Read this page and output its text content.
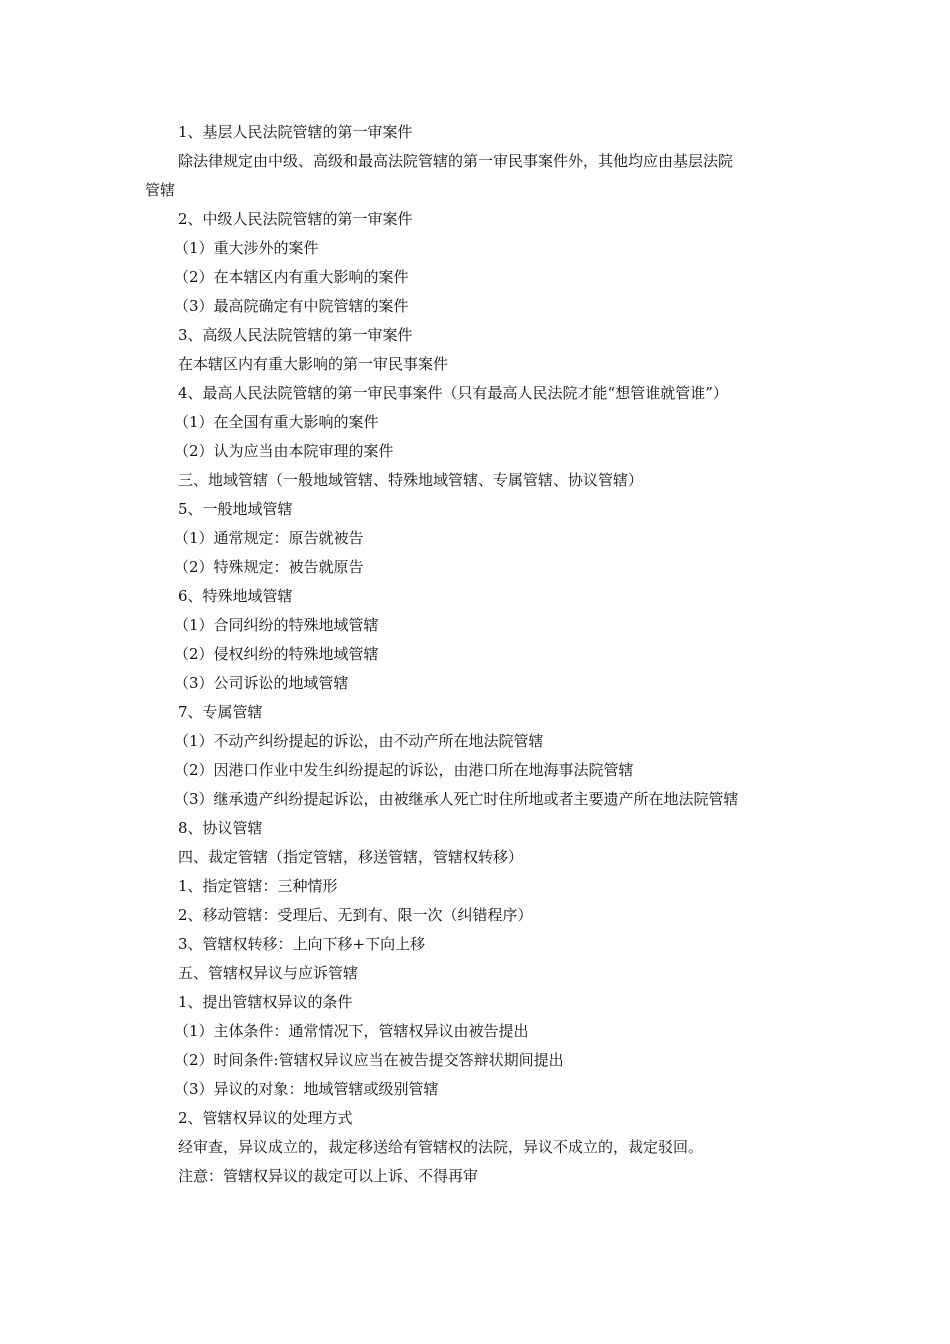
1、基层人民法院管辖的第一审案件
除法律规定由中级、高级和最高法院管辖的第一审民事案件外，其他均应由基层法院
管辖
2、中级人民法院管辖的第一审案件
（1）重大涉外的案件
（2）在本辖区内有重大影响的案件
（3）最高院确定有中院管辖的案件
3、高级人民法院管辖的第一审案件
在本辖区内有重大影响的第一审民事案件
4、最高人民法院管辖的第一审民事案件（只有最高人民法院才能“想管谁就管谁”）
（1）在全国有重大影响的案件
（2）认为应当由本院审理的案件
三、地域管辖（一般地域管辖、特殊地域管辖、专属管辖、协议管辖）
5、一般地域管辖
（1）通常规定：原告就被告
（2）特殊规定：被告就原告
6、特殊地域管辖
（1）合同纠纷的特殊地域管辖
（2）侵权纠纷的特殊地域管辖
（3）公司诉讼的地域管辖
7、专属管辖
（1）不动产纠纷提起的诉讼，由不动产所在地法院管辖
（2）因港口作业中发生纠纷提起的诉讼，由港口所在地海事法院管辖
（3）继承遗产纠纷提起诉讼，由被继承人死亡时住所地或者主要遗产所在地法院管辖
8、协议管辖
四、裁定管辖（指定管辖，移送管辖，管辖权转移）
1、指定管辖：三种情形
2、移动管辖：受理后、无到有、限一次（纠错程序）
3、管辖权转移：上向下移+下向上移
五、管辖权异议与应诉管辖
1、提出管辖权异议的条件
（1）主体条件：通常情况下，管辖权异议由被告提出
（2）时间条件:管辖权异议应当在被告提交答辩状期间提出
（3）异议的对象：地域管辖或级别管辖
2、管辖权异议的处理方式
经审查，异议成立的，裁定移送给有管辖权的法院，异议不成立的，裁定驳回。
注意：管辖权异议的裁定可以上诉、不得再审
